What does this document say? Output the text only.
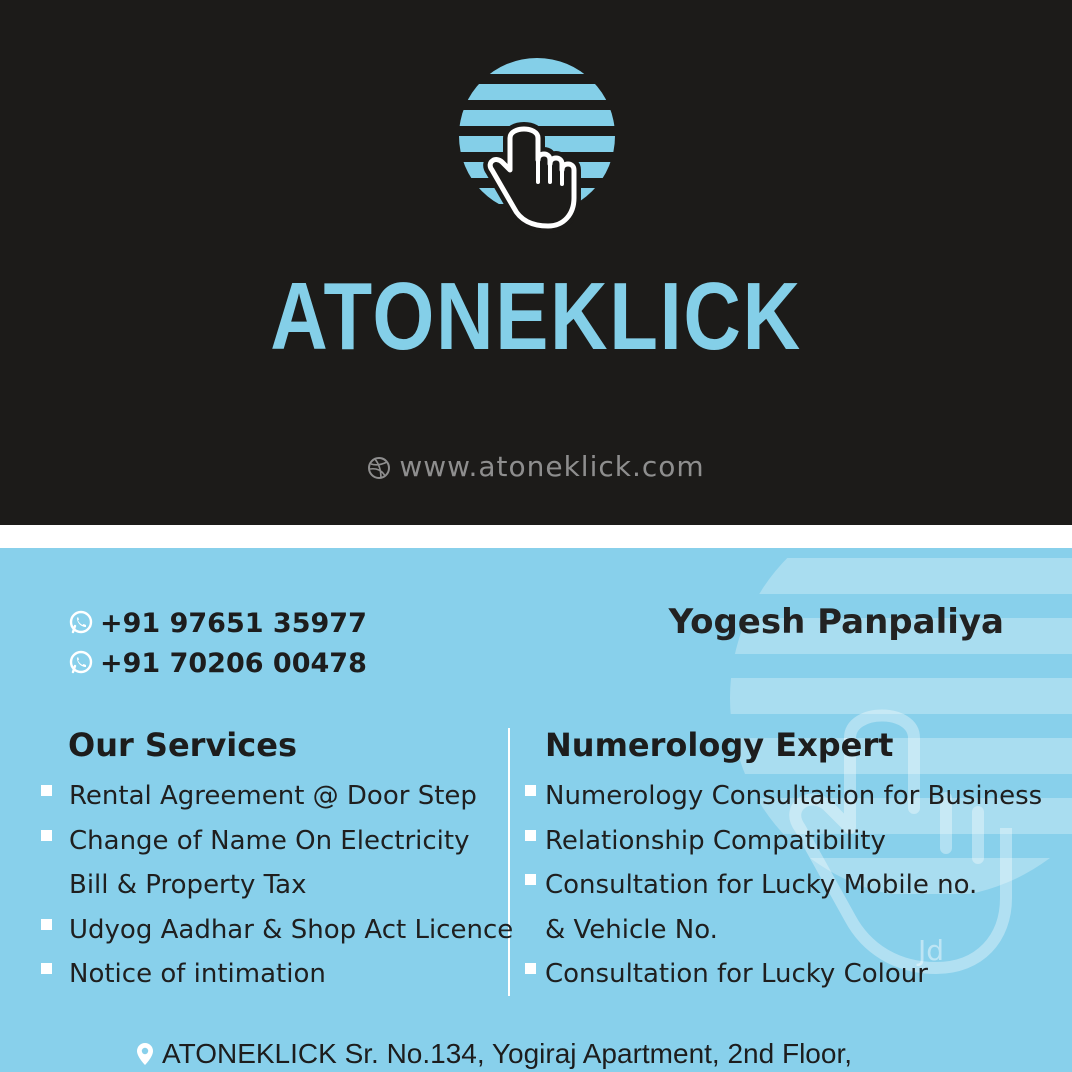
ATONEKLICK
www.atoneklick.com
Jd
+91 97651 35977
+91 70206 00478
Yogesh Panpaliya
Our Services	Numerology Expert
Rental Agreement @ Door Step
Change of Name On Electricity
Bill & Property Tax
Udyog Aadhar & Shop Act Licence
Notice of intimation
Numerology Consultation for Business
Relationship Compatibility
Consultation for Lucky Mobile no.
& Vehicle No.
Consultation for Lucky Colour
ATONEKLICK Sr. No.134, Yogiraj Apartment, 2nd Floor,
